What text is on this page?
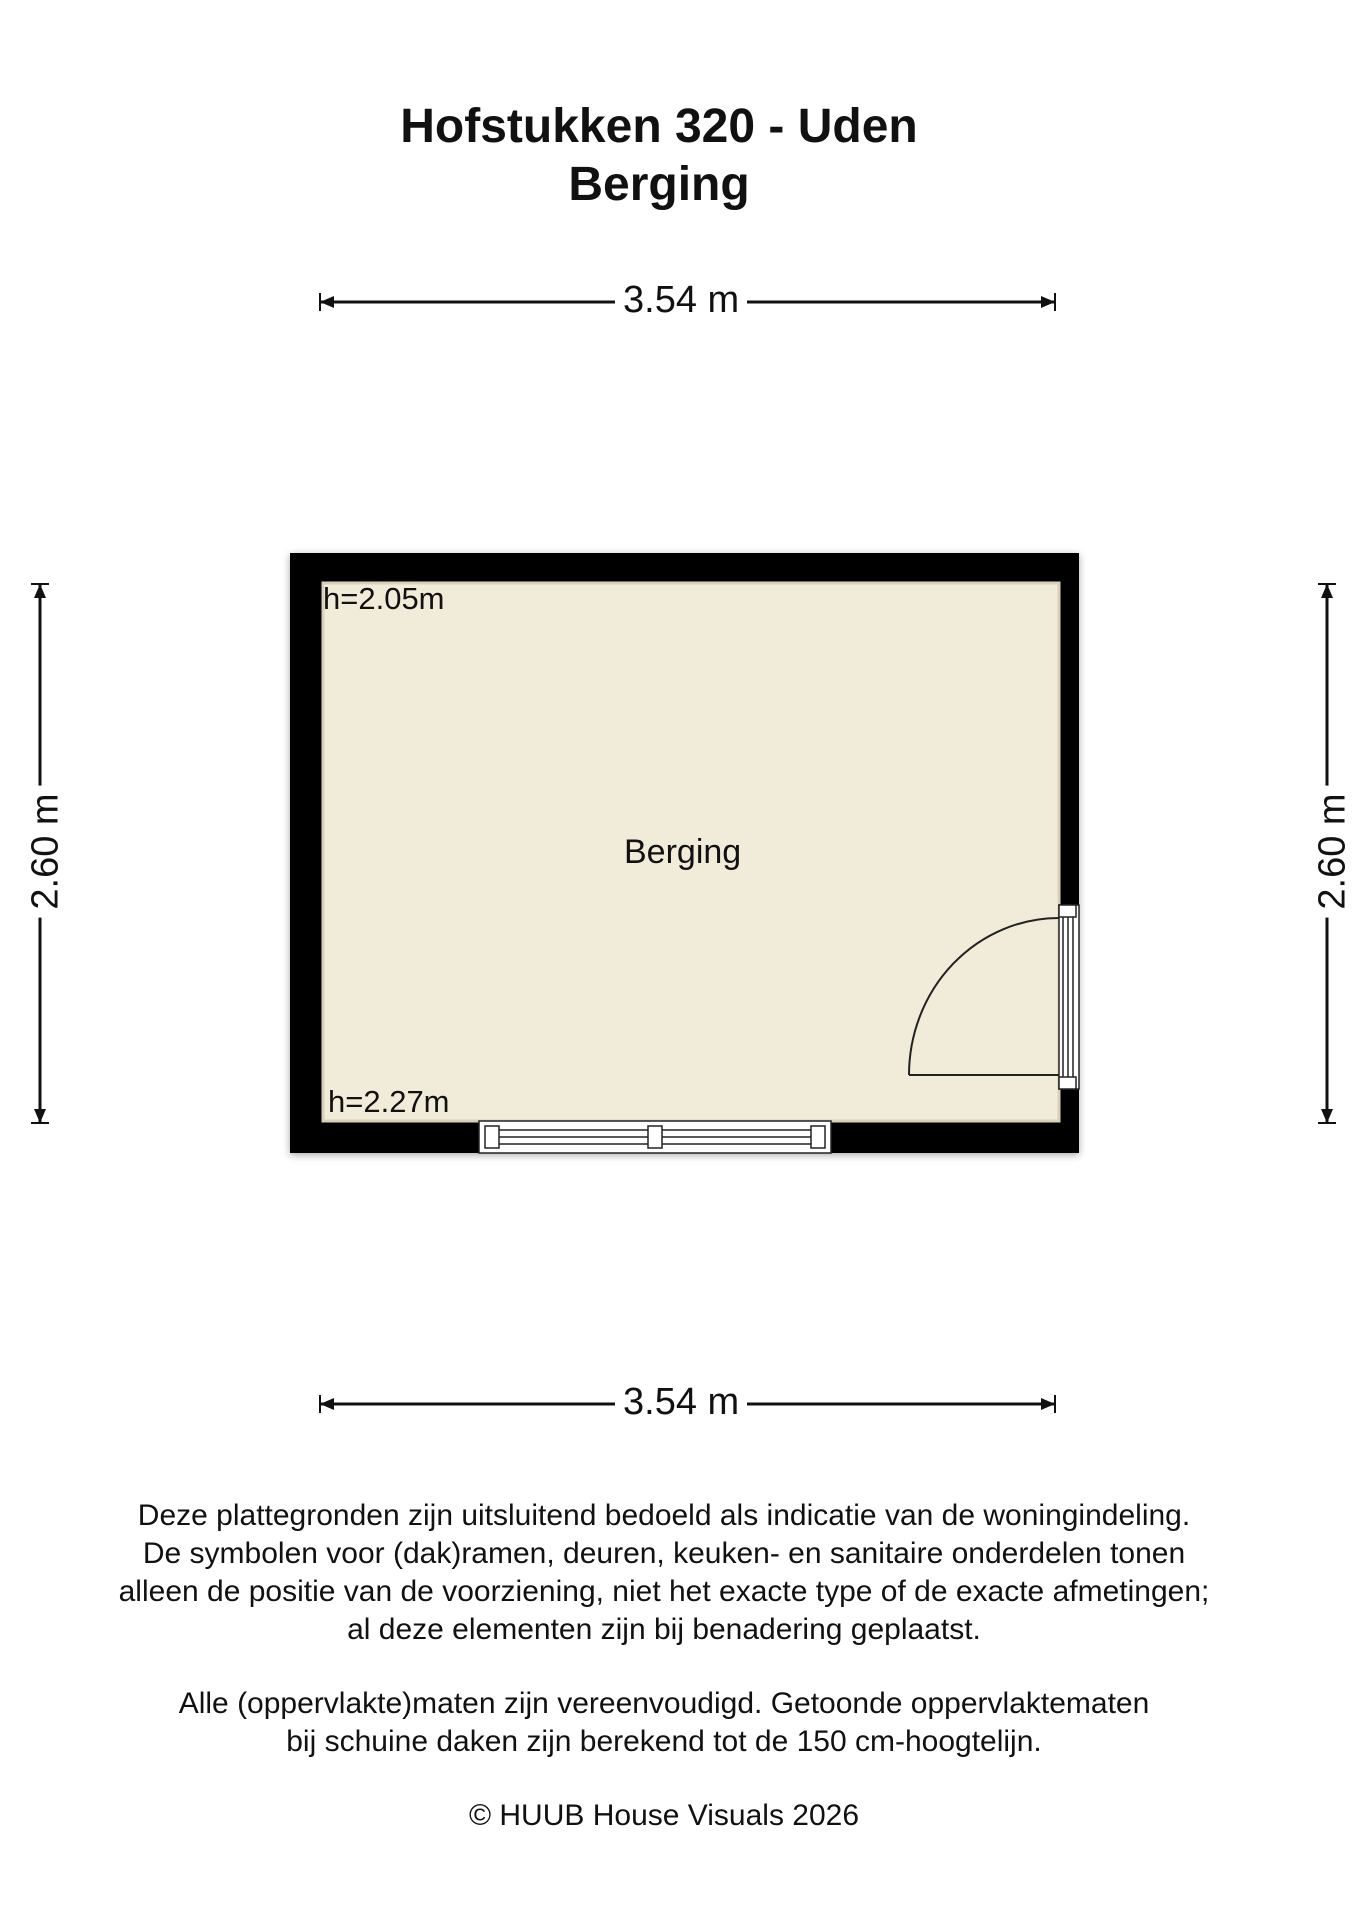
Hofstukken 320 - Uden
Berging
3.54 m
3.54 m
2.60 m	2.60 m
Berging
h=2.05m
h=2.27m

Deze plattegronden zijn uitsluitend bedoeld als indicatie van de woningindeling.

De symbolen voor (dak)ramen, deuren, keuken- en sanitaire onderdelen tonen

alleen de positie van de voorziening, niet het exacte type of de exacte afmetingen;

al deze elementen zijn bij benadering geplaatst.

Alle (oppervlakte)maten zijn vereenvoudigd. Getoonde oppervlaktematen

bij schuine daken zijn berekend tot de 150 cm-hoogtelijn.

© HUUB House Visuals 2026
